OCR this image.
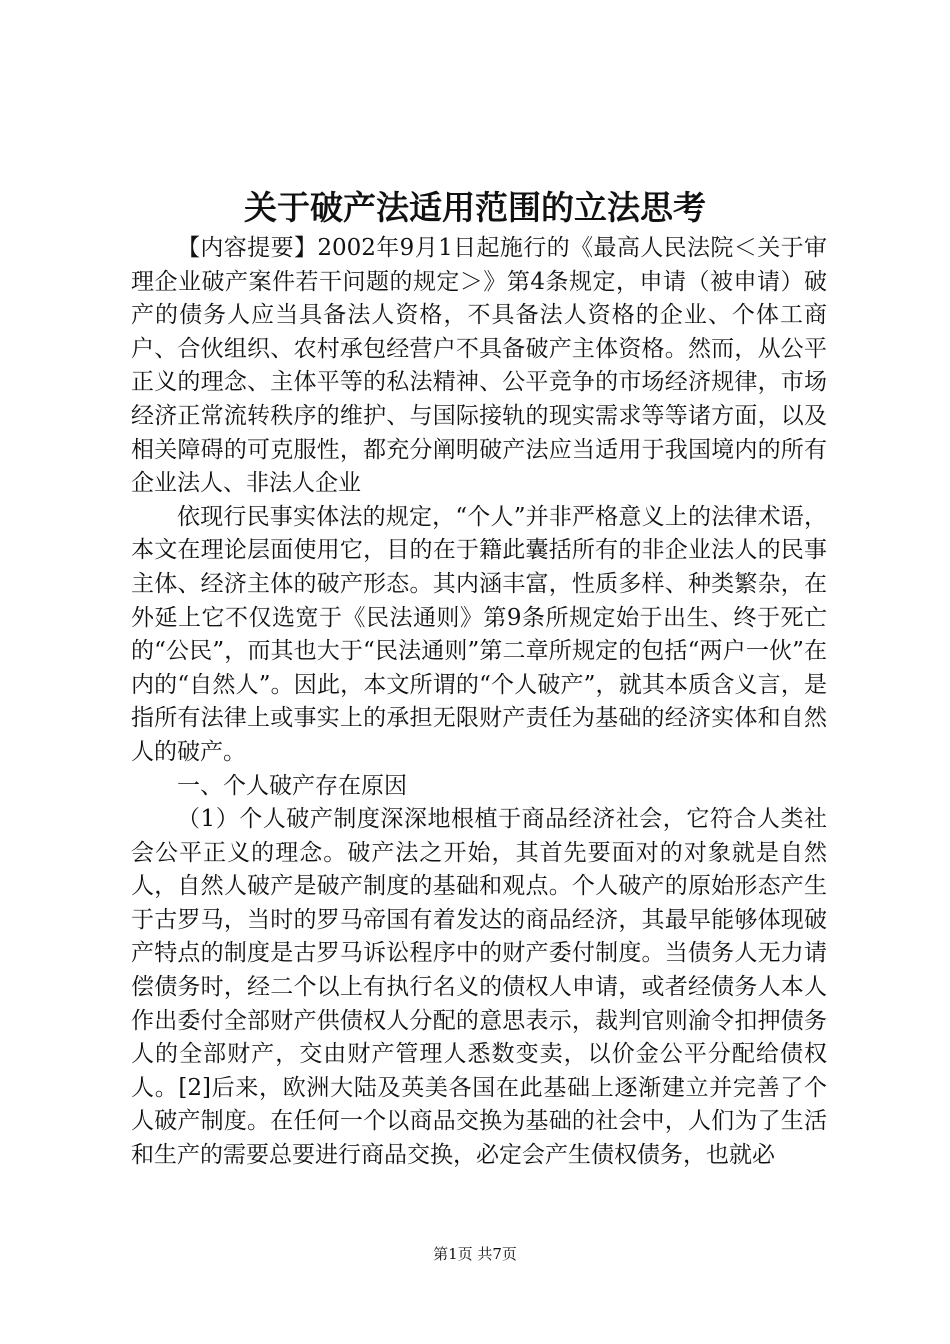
关于破产法适用范围的立法思考

【内容提要】2002年9月1日起施行的《最高人民法院＜关于审理企业破产案件若干问题的规定＞》第4条规定，申请（被申请）破产的债务人应当具备法人资格，不具备法人资格的企业、个体工商户、合伙组织、农村承包经营户不具备破产主体资格。然而，从公平正义的理念、主体平等的私法精神、公平竞争的市场经济规律，市场经济正常流转秩序的维护、与国际接轨的现实需求等等诸方面，以及相关障碍的可克服性，都充分阐明破产法应当适用于我国境内的所有企业法人、非法人企业

依现行民事实体法的规定，“个人”并非严格意义上的法律术语，本文在理论层面使用它，目的在于籍此囊括所有的非企业法人的民事主体、经济主体的破产形态。其内涵丰富，性质多样、种类繁杂，在外延上它不仅选宽于《民法通则》第9条所规定始于出生、终于死亡的“公民”，而其也大于“民法通则”第二章所规定的包括“两户一伙”在内的“自然人”。因此，本文所谓的“个人破产”，就其本质含义言，是指所有法律上或事实上的承担无限财产责任为基础的经济实体和自然人的破产。

一、个人破产存在原因

（1）个人破产制度深深地根植于商品经济社会，它符合人类社会公平正义的理念。破产法之开始，其首先要面对的对象就是自然人，自然人破产是破产制度的基础和观点。个人破产的原始形态产生于古罗马，当时的罗马帝国有着发达的商品经济，其最早能够体现破产特点的制度是古罗马诉讼程序中的财产委付制度。当债务人无力请偿债务时，经二个以上有执行名义的债权人申请，或者经债务人本人作出委付全部财产供债权人分配的意思表示，裁判官则渝令扣押债务人的全部财产，交由财产管理人悉数变卖，以价金公平分配给债权人。[2]后来，欧洲大陆及英美各国在此基础上逐渐建立并完善了个人破产制度。在任何一个以商品交换为基础的社会中，人们为了生活和生产的需要总要进行商品交换，必定会产生债权债务，也就必

第1页 共7页
